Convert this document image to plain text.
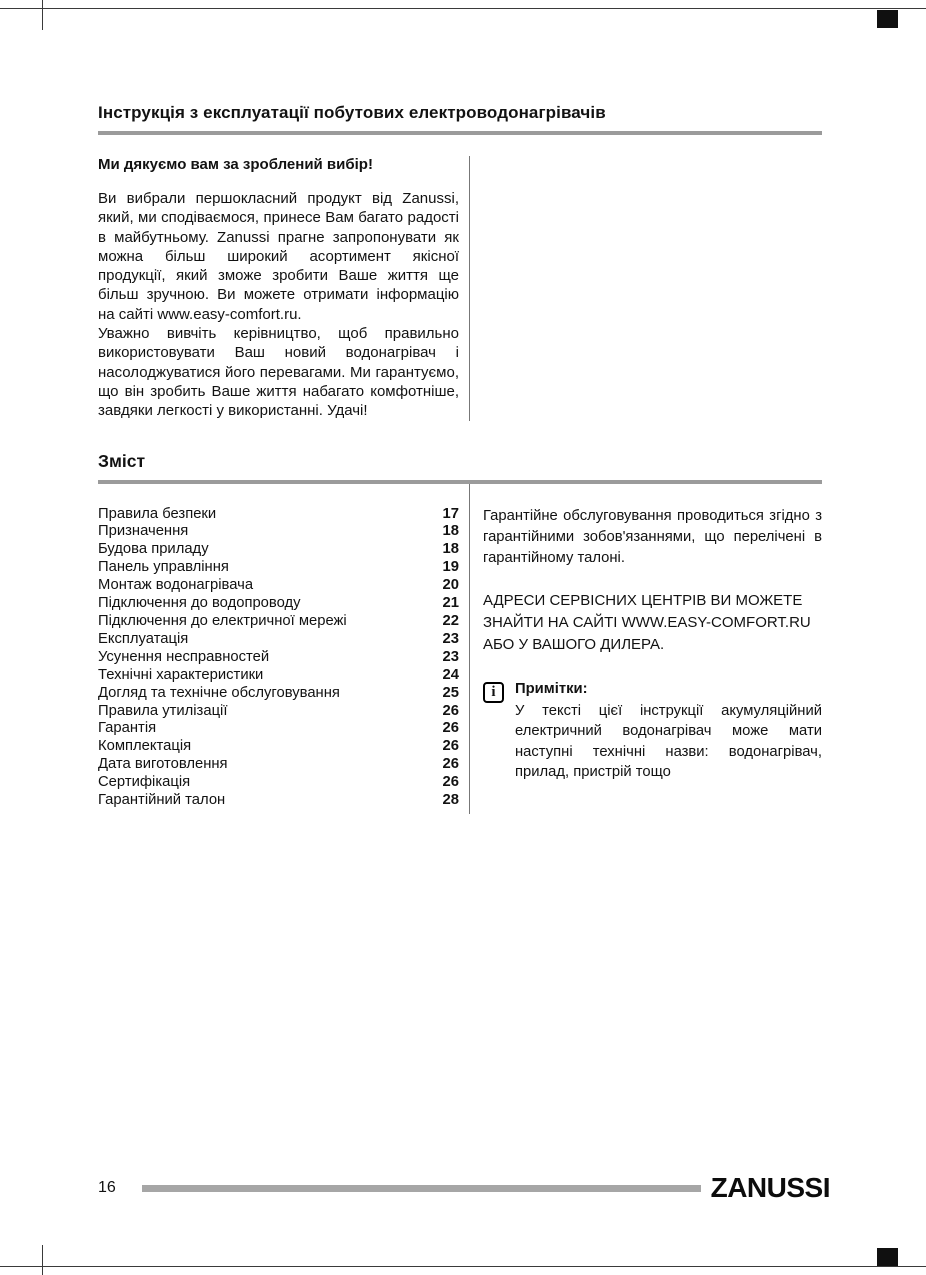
Інструкція з експлуатації побутових електроводонагрівачів
Ми дякуємо вам за зроблений вибір!

Ви вибрали першокласний продукт від Zanussi, який, ми сподіваємося, принесе Вам багато радості в майбутньому. Zanussi прагне запропонувати як можна більш широкий асортимент якісної продукції, який зможе зробити Ваше життя ще більш зручною. Ви можете отримати інформацію на сайті www.easy-comfort.ru.

Уважно вивчіть керівництво, щоб правильно використовувати Ваш новий водонагрівач і насолоджуватися його перевагами. Ми гарантуємо, що він зробить Ваше життя набагато комфотніше, завдяки легкості у використанні. Удачі!

Зміст
Правила безпеки	17
Призначення	18
Будова приладу	18
Панель управління	19
Монтаж водонагрівача	20
Підключення до водопроводу	21
Підключення до електричної мережі	22
Експлуатація	23
Усунення несправностей	23
Технічні характеристики	24
Догляд та технічне обслуговування	25
Правила утилізації	26
Гарантія	26
Комплектація	26
Дата виготовлення	26
Сертифікація	26
Гарантійний талон	28

Гарантійне обслуговування проводиться згідно з гарантійними зобов'язаннями, що перелічені в гарантійному талоні.

АДРЕСИ СЕРВІСНИХ ЦЕНТРІВ ВИ МОЖЕТЕ ЗНАЙТИ НА САЙТІ WWW.EASY-COMFORT.RU АБО У ВАШОГО ДИЛЕРА.

i	Примітки:

У тексті цієї інструкції акумуляційний електричний водонагрівач може мати наступні технічні назви: водонагрівач, прилад, пристрій тощо

16	ZANUSSI
